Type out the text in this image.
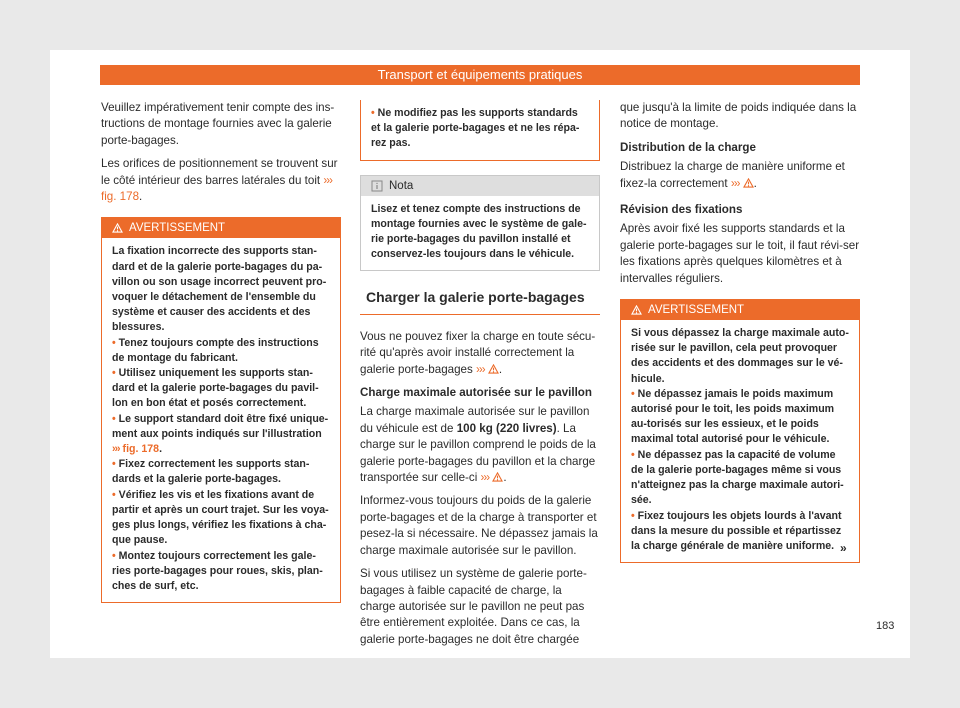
Transport et équipements pratiques

Veuillez impérativement tenir compte des ins-tructions de montage fournies avec la galerie porte-bagages.

Les orifices de positionnement se trouvent sur le côté intérieur des barres latérales du toit ››› fig. 178.

AVERTISSEMENT

La fixation incorrecte des supports stan-dard et de la galerie porte-bagages du pa-villon ou son usage incorrect peuvent pro-voquer le détachement de l'ensemble du système et causer des accidents et des blessures.

• Tenez toujours compte des instructions de montage du fabricant.

• Utilisez uniquement les supports stan-dard et la galerie porte-bagages du pavil-lon en bon état et posés correctement.

• Le support standard doit être fixé unique-ment aux points indiqués sur l'illustration ››› fig. 178.

• Fixez correctement les supports stan-dards et la galerie porte-bagages.

• Vérifiez les vis et les fixations avant de partir et après un court trajet. Sur les voya-ges plus longs, vérifiez les fixations à cha-que pause.

• Montez toujours correctement les gale-ries porte-bagages pour roues, skis, plan-ches de surf, etc.

• Ne modifiez pas les supports standards et la galerie porte-bagages et ne les répa-rez pas.

Nota
Lisez et tenez compte des instructions de montage fournies avec le système de gale-rie porte-bagages du pavillon installé et conservez-les toujours dans le véhicule.
Charger la galerie porte-bagages

Vous ne pouvez fixer la charge en toute sécu-rité qu'après avoir installé correctement la galerie porte-bagages ››› .

Charge maximale autorisée sur le pavillon

La charge maximale autorisée sur le pavillon du véhicule est de 100 kg (220 livres). La charge sur le pavillon comprend le poids de la galerie porte-bagages du pavillon et la charge transportée sur celle-ci ››› .

Informez-vous toujours du poids de la galerie porte-bagages et de la charge à transporter et pesez-la si nécessaire. Ne dépassez jamais la charge maximale autorisée sur le pavillon.

Si vous utilisez un système de galerie porte-bagages à faible capacité de charge, la charge autorisée sur le pavillon ne peut pas être entièrement exploitée. Dans ce cas, la galerie porte-bagages ne doit être chargée

que jusqu'à la limite de poids indiquée dans la notice de montage.

Distribution de la charge

Distribuez la charge de manière uniforme et fixez-la correctement ››› .

Révision des fixations

Après avoir fixé les supports standards et la galerie porte-bagages sur le toit, il faut révi-ser les fixations après quelques kilomètres et à intervalles réguliers.

AVERTISSEMENT

Si vous dépassez la charge maximale auto-risée sur le pavillon, cela peut provoquer des accidents et des dommages sur le vé-hicule.

• Ne dépassez jamais le poids maximum autorisé pour le toit, les poids maximum au-torisés sur les essieux, et le poids maximal total autorisé pour le véhicule.

• Ne dépassez pas la capacité de volume de la galerie porte-bagages même si vous n'atteignez pas la charge maximale autori-sée.

• Fixez toujours les objets lourds à l'avant dans la mesure du possible et répartissez la charge générale de manière uniforme. »
183
